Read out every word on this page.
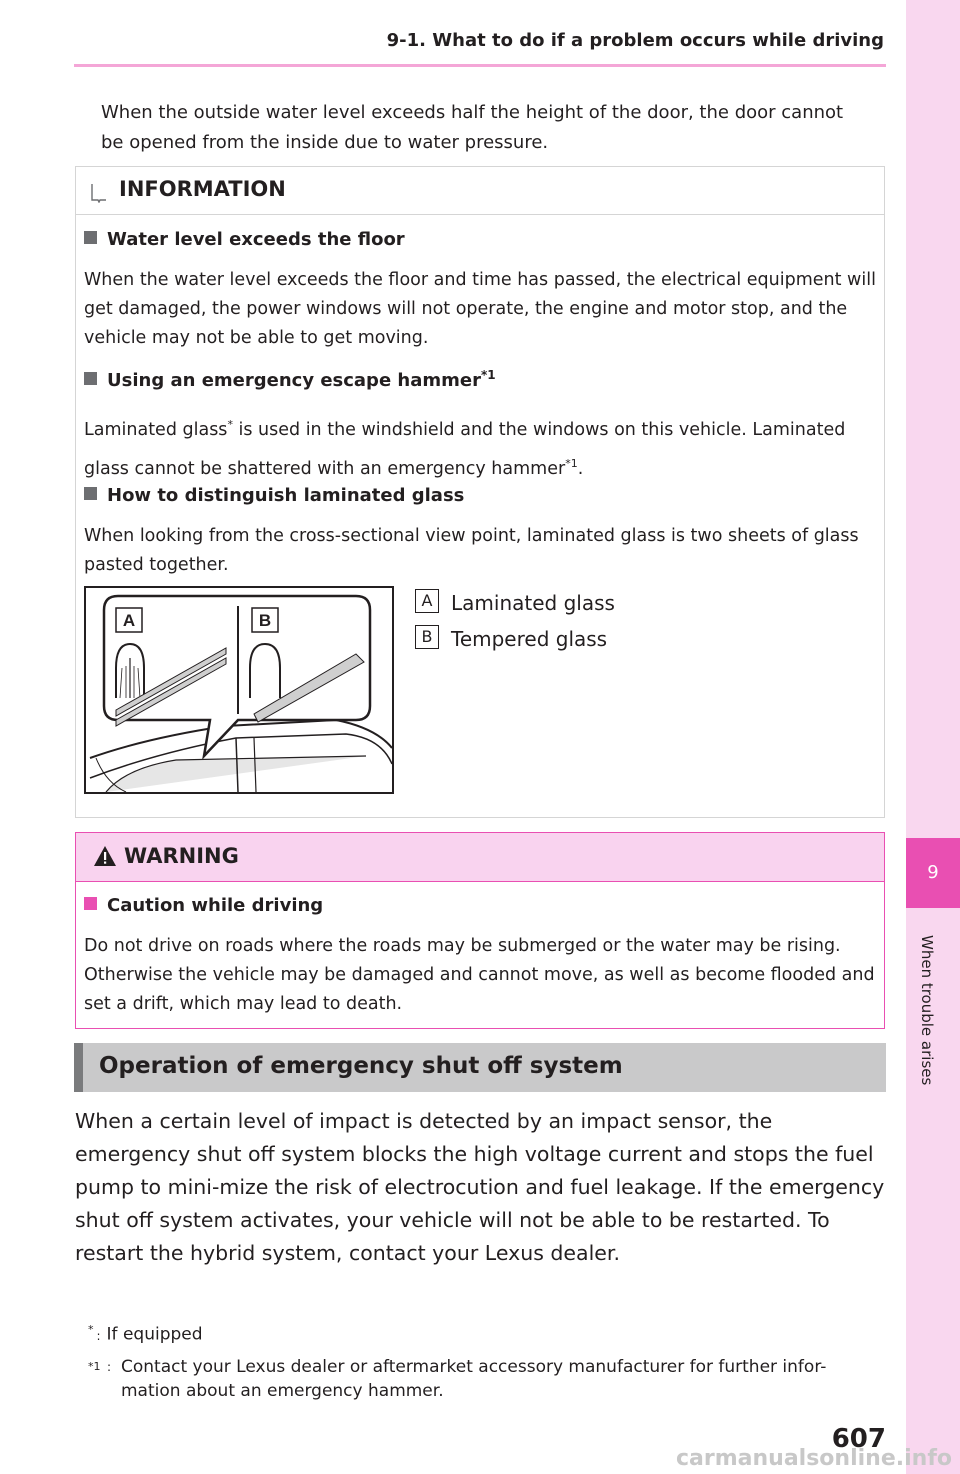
9-1. What to do if a problem occurs while driving
9
When trouble arises
When the outside water level exceeds half the height of the door, the door cannot be opened from the inside due to water pressure.
INFORMATION
Water level exceeds the floor
When the water level exceeds the floor and time has passed, the electrical equipment will get damaged, the power windows will not operate, the engine and motor stop, and the vehicle may not be able to get moving.
Using an emergency escape hammer$^{*1}$
Laminated glass* is used in the windshield and the windows on this vehicle. Laminated glass cannot be shattered with an emergency hammer$^{*1}$.
How to distinguish laminated glass
When looking from the cross-sectional view point, laminated glass is two sheets of glass pasted together.
A	B
A Laminated glass
B Tempered glass
WARNING
Caution while driving
Do not drive on roads where the roads may be submerged or the water may be rising. Otherwise the vehicle may be damaged and cannot move, as well as become flooded and set a drift, which may lead to death.
Operation of emergency shut off system
When a certain level of impact is detected by an impact sensor, the emergency shut off system blocks the high voltage current and stops the fuel pump to mini-mize the risk of electrocution and fuel leakage. If the emergency shut off system activates, your vehicle will not be able to be restarted. To restart the hybrid system, contact your Lexus dealer.
* : If equipped
$^{*1}$ : Contact your Lexus dealer or aftermarket accessory manufacturer for further infor-mation about an emergency hammer.
607
carmanualsonline.info
